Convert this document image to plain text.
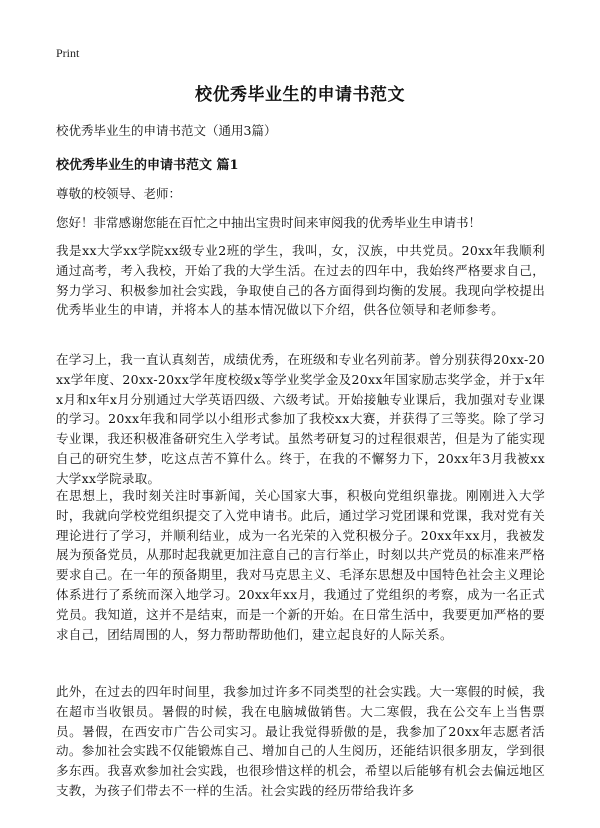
Print
校优秀毕业生的申请书范文
校优秀毕业生的申请书范文（通用3篇）
校优秀毕业生的申请书范文 篇1
尊敬的校领导、老师：
您好！非常感谢您能在百忙之中抽出宝贵时间来审阅我的优秀毕业生申请书！

我是xx大学xx学院xx级专业2班的学生，我叫，女，汉族，中共党员。20xx年我顺利通过高考，考入我校，开始了我的大学生活。在过去的四年中，我始终严格要求自己，努力学习、积极参加社会实践，争取使自己的各方面得到均衡的发展。我现向学校提出优秀毕业生的申请，并将本人的基本情况做以下介绍，供各位领导和老师参考。

在学习上，我一直认真刻苦，成绩优秀，在班级和专业名列前茅。曾分别获得20xx-20xx学年度、20xx-20xx学年度校级x等学业奖学金及20xx年国家励志奖学金，并于x年x月和x年x月分别通过大学英语四级、六级考试。开始接触专业课后，我加强对专业课的学习。20xx年我和同学以小组形式参加了我校xx大赛，并获得了三等奖。除了学习专业课，我还积极准备研究生入学考试。虽然考研复习的过程很艰苦，但是为了能实现自己的研究生梦，吃这点苦不算什么。终于，在我的不懈努力下，20xx年3月我被xx大学xx学院录取。

在思想上，我时刻关注时事新闻，关心国家大事，积极向党组织靠拢。刚刚进入大学时，我就向学校党组织提交了入党申请书。此后，通过学习党团课和党课，我对党有关理论进行了学习，并顺利结业，成为一名光荣的入党积极分子。20xx年xx月，我被发展为预备党员，从那时起我就更加注意自己的言行举止，时刻以共产党员的标准来严格要求自己。在一年的预备期里，我对马克思主义、毛泽东思想及中国特色社会主义理论体系进行了系统而深入地学习。20xx年xx月，我通过了党组织的考察，成为一名正式党员。我知道，这并不是结束，而是一个新的开始。在日常生活中，我要更加严格的要求自己，团结周围的人，努力帮助帮助他们，建立起良好的人际关系。

此外，在过去的四年时间里，我参加过许多不同类型的社会实践。大一寒假的时候，我在超市当收银员。暑假的时候，我在电脑城做销售。大二寒假，我在公交车上当售票员。暑假，在西安市广告公司实习。最让我觉得骄傲的是，我参加了20xx年志愿者活动。参加社会实践不仅能锻炼自己、增加自己的人生阅历，还能结识很多朋友，学到很多东西。我喜欢参加社会实践，也很珍惜这样的机会，希望以后能够有机会去偏远地区支教，为孩子们带去不一样的生活。社会实践的经历带给我许多
